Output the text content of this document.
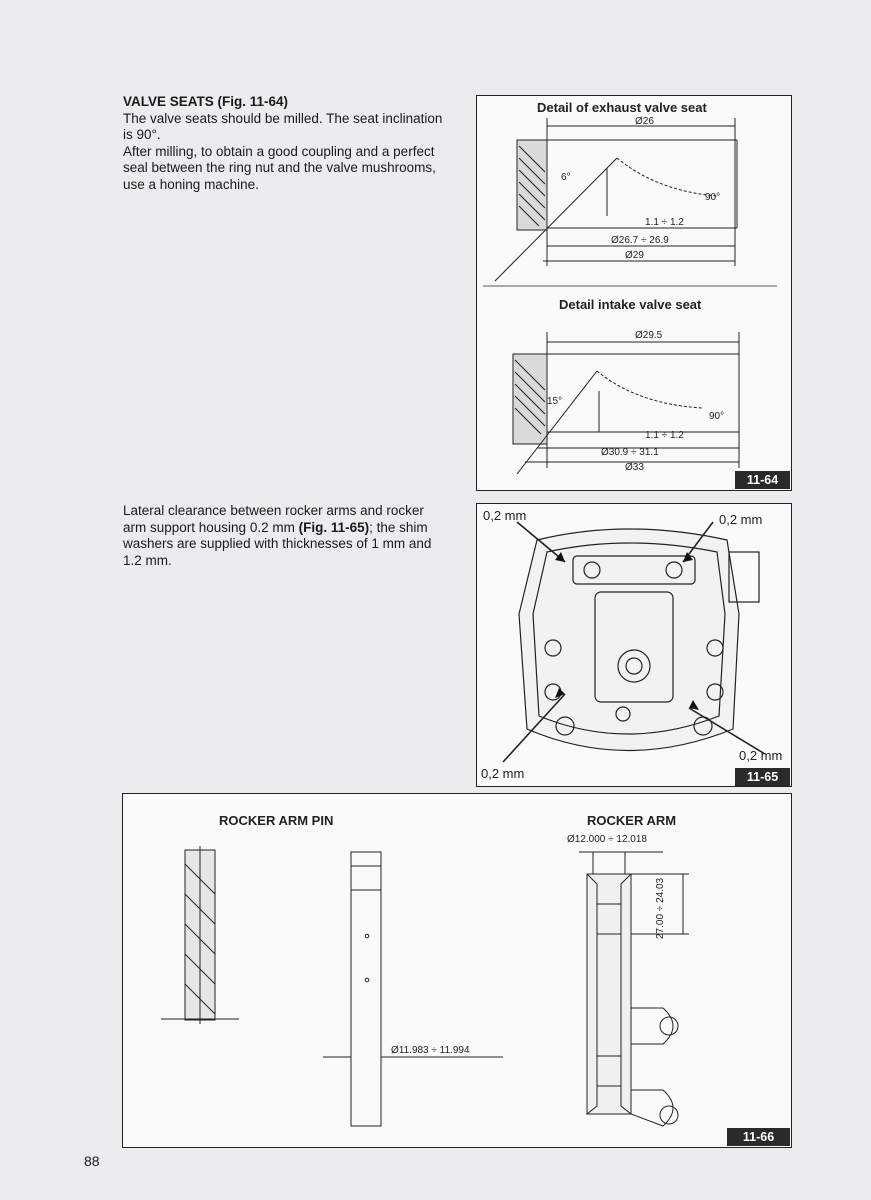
VALVE SEATS (Fig. 11-64)
The valve seats should be milled. The seat inclination
is 90°.
After milling, to obtain a good coupling and a perfect
seal between the ring nut and the valve mushrooms,
use a honing machine.
Lateral clearance between rocker arms and rocker
arm support housing 0.2 mm (Fig. 11-65); the shim
washers are supplied with thicknesses of 1 mm and
1.2 mm.
Detail of exhaust valve seat
Ø26
6°
90°
1.1 ÷ 1.2
Ø26.7 ÷ 26.9
Ø29
Detail intake valve seat
Ø29.5
15°
90°
1.1 ÷ 1.2
Ø30.9 ÷ 31.1
Ø33
11-64
0,2 mm	0,2 mm
0,2 mm
0,2 mm	11-65
ROCKER ARM PIN	ROCKER ARM
Ø11.983 ÷ 11.994
Ø12.000 ÷ 12.018
27.00 ÷ 24.03
11-66
88
